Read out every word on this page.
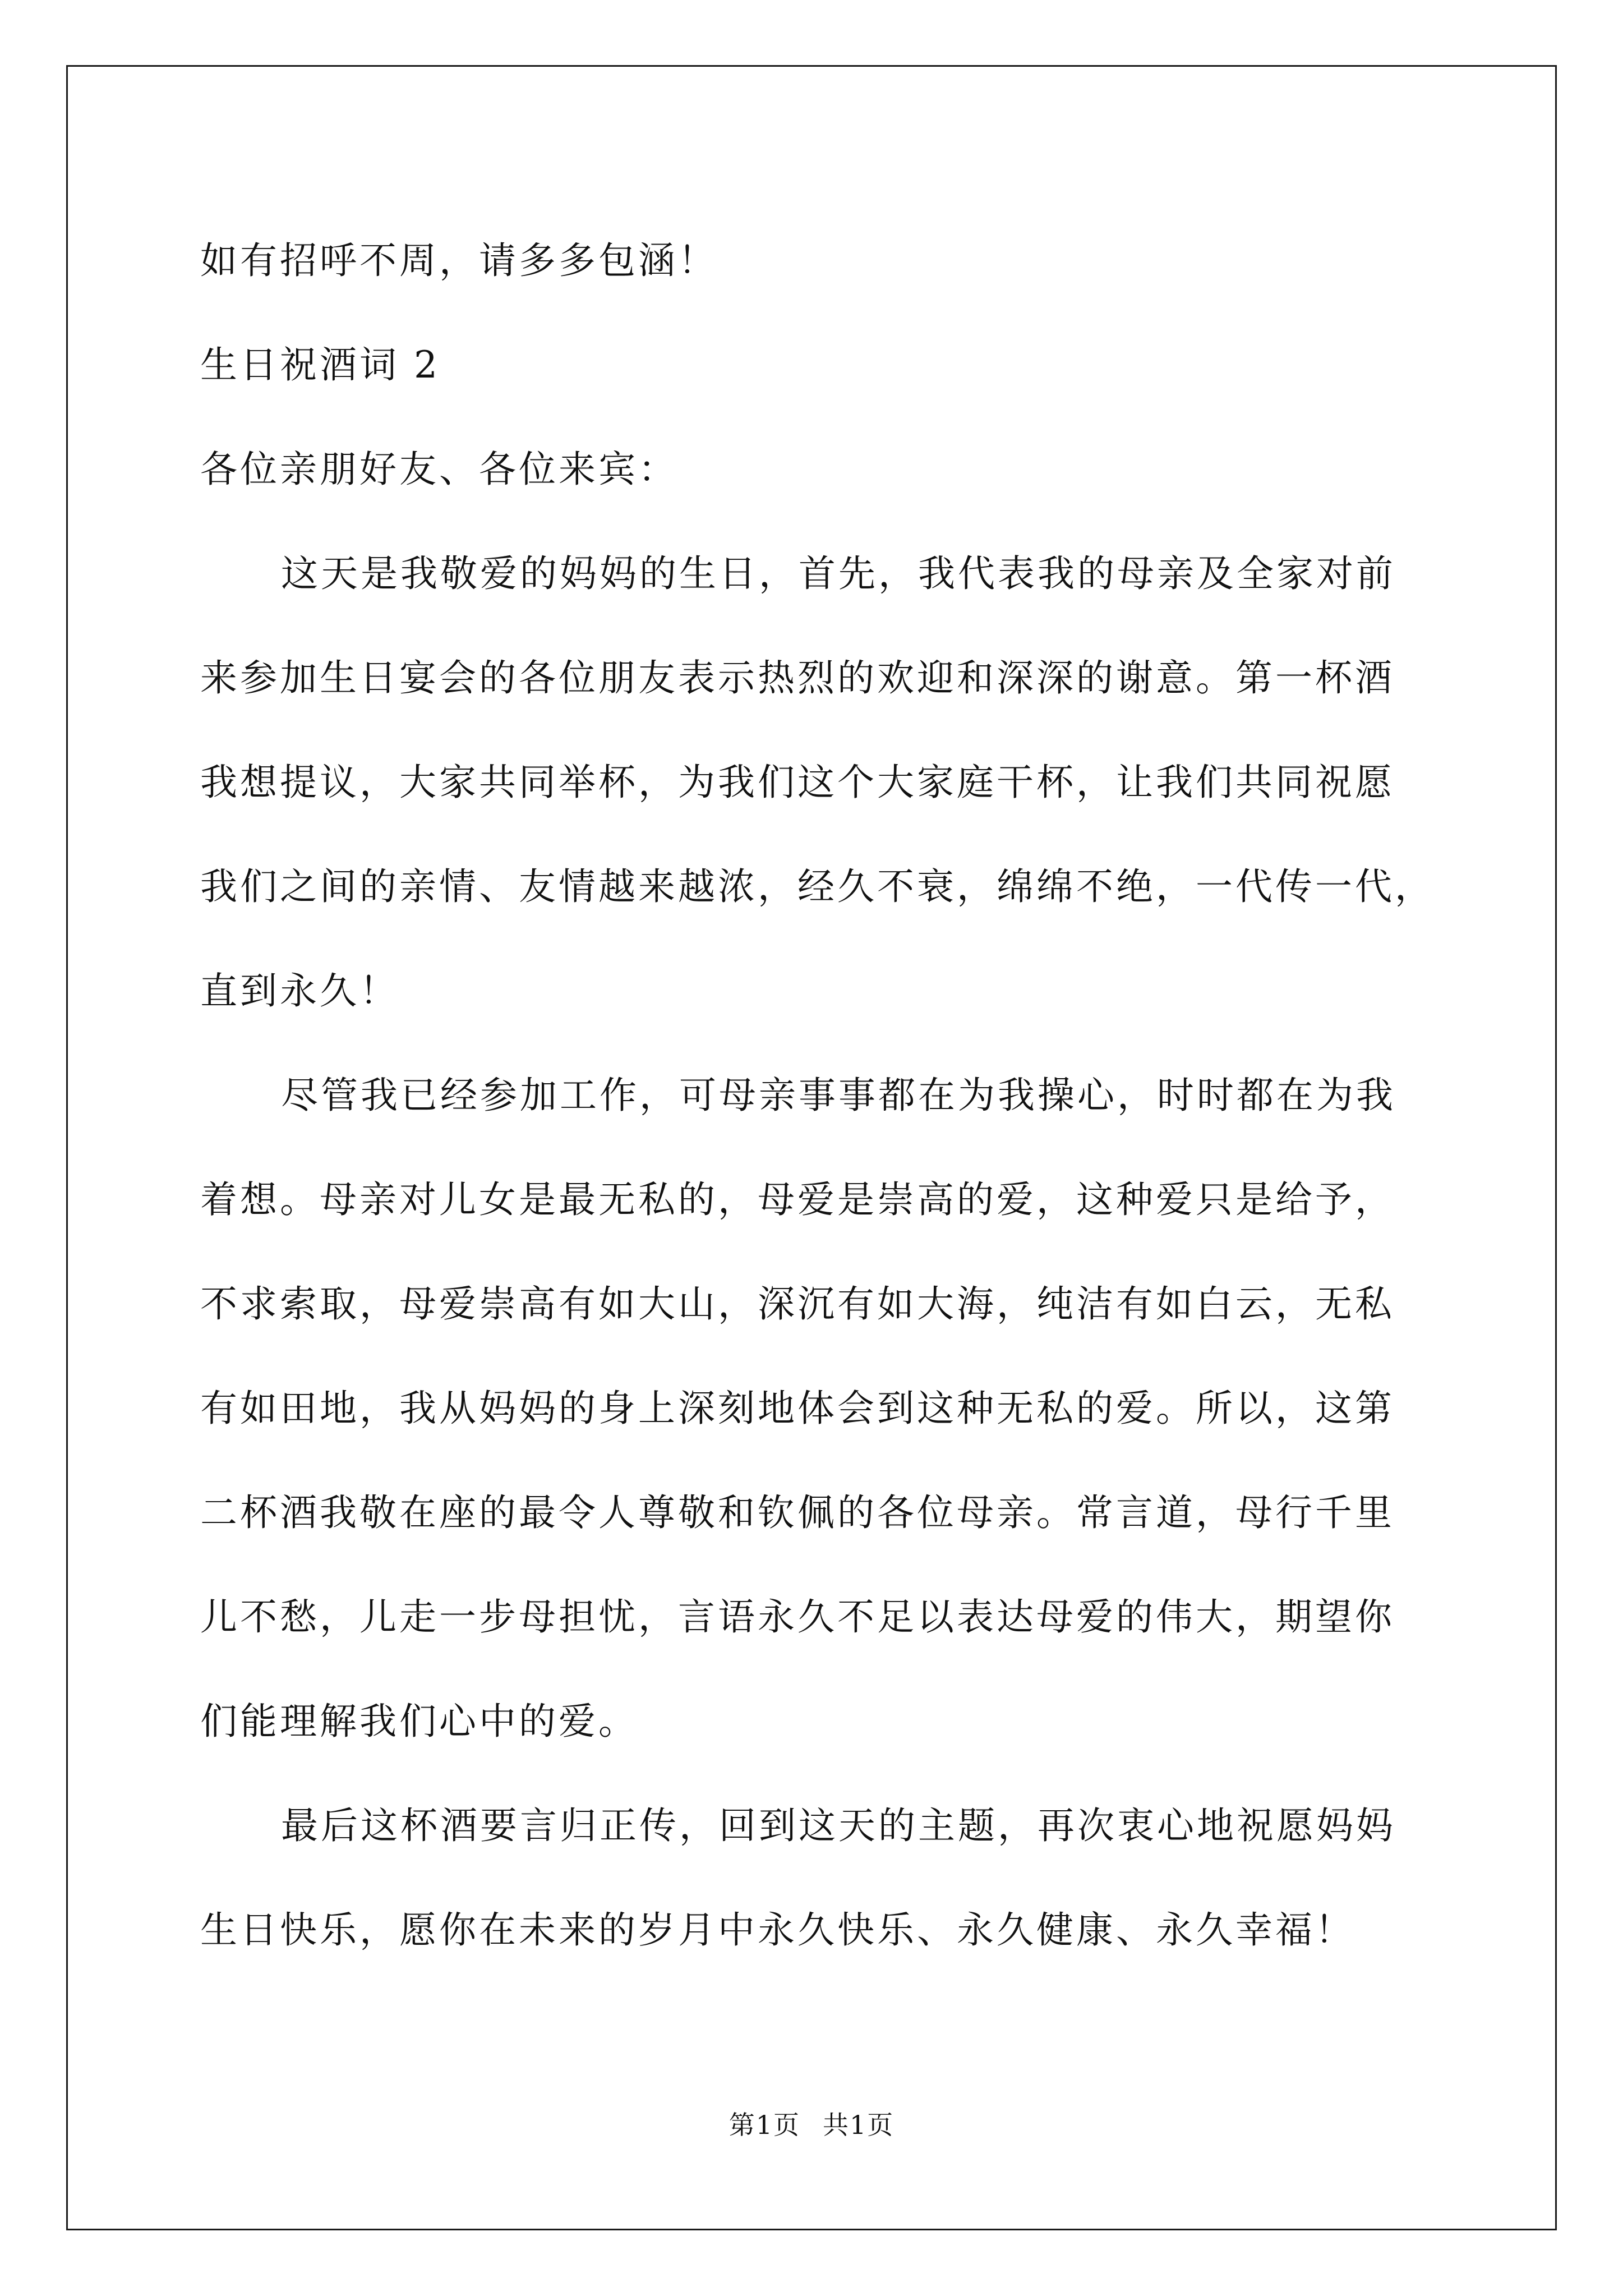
如有招呼不周，请多多包涵！
生日祝酒词 2
各位亲朋好友、各位来宾：
这天是我敬爱的妈妈的生日，首先，我代表我的母亲及全家对前
来参加生日宴会的各位朋友表示热烈的欢迎和深深的谢意。第一杯酒
我想提议，大家共同举杯，为我们这个大家庭干杯，让我们共同祝愿
我们之间的亲情、友情越来越浓，经久不衰，绵绵不绝，一代传一代，
直到永久！
尽管我已经参加工作，可母亲事事都在为我操心，时时都在为我
着想。母亲对儿女是最无私的，母爱是崇高的爱，这种爱只是给予，
不求索取，母爱崇高有如大山，深沉有如大海，纯洁有如白云，无私
有如田地，我从妈妈的身上深刻地体会到这种无私的爱。所以，这第
二杯酒我敬在座的最令人尊敬和钦佩的各位母亲。常言道，母行千里
儿不愁，儿走一步母担忧，言语永久不足以表达母爱的伟大，期望你
们能理解我们心中的爱。
最后这杯酒要言归正传，回到这天的主题，再次衷心地祝愿妈妈
生日快乐，愿你在未来的岁月中永久快乐、永久健康、永久幸福！
第1页 共1页
